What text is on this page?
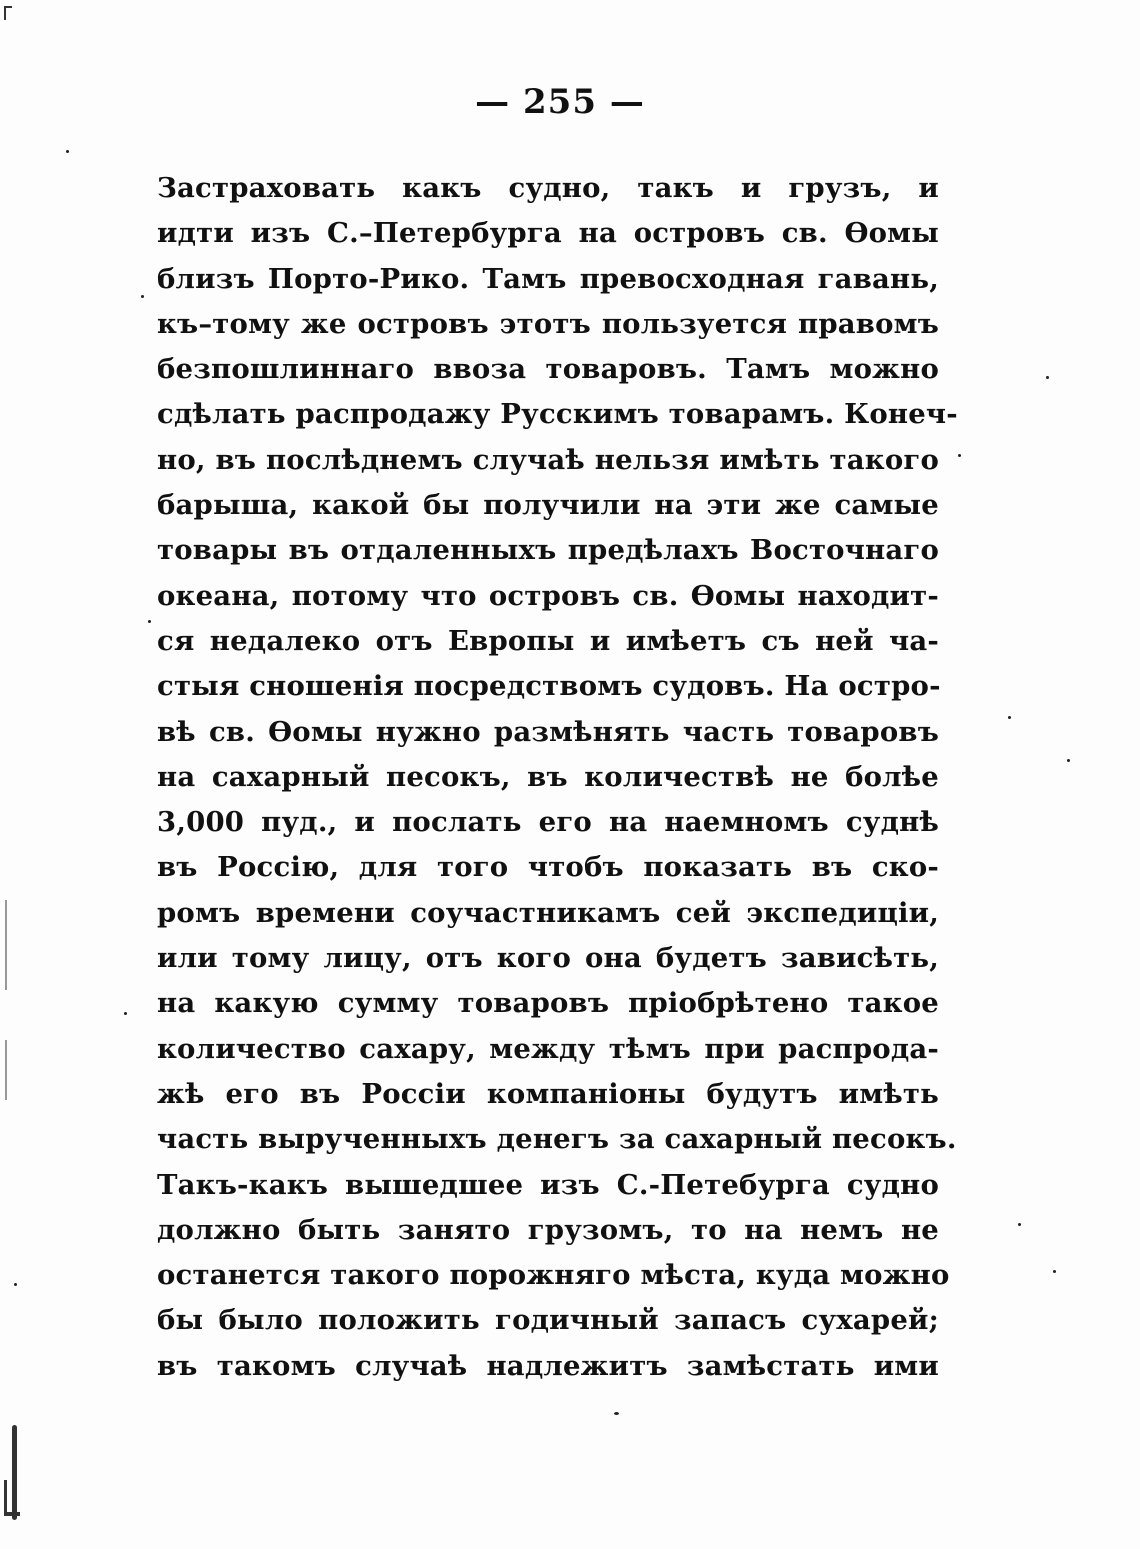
— 255 —
Застраховать какъ судно, такъ и грузъ, и
идти изъ С.–Петербурга на островъ св. Өомы
близъ Порто-Рико. Тамъ превосходная гавань,
къ–тому же островъ этотъ пользуется правомъ
безпошлиннаго ввоза товаровъ. Тамъ можно
сдѣлать распродажу Русскимъ товарамъ. Конеч-
но, въ послѣднемъ случаѣ нельзя имѣть такого
барыша, какой бы получили на эти же самые
товары въ отдаленныхъ предѣлахъ Восточнаго
океана, потому что островъ св. Өомы находит-
ся недалеко отъ Европы и имѣетъ съ ней ча-
стыя сношенія посредствомъ судовъ. На остро-
вѣ св. Өомы нужно размѣнять часть товаровъ
на сахарный песокъ, въ количествѣ не болѣе
3,000 пуд., и послать его на наемномъ суднѣ
въ Россію, для того чтобъ показать въ ско-
ромъ времени соучастникамъ сей экспедиціи,
или тому лицу, отъ кого она будетъ зависѣть,
на какую сумму товаровъ пріобрѣтено такое
количество сахару, между тѣмъ при распрода-
жѣ его въ Россіи компаніоны будутъ имѣть
часть вырученныхъ денегъ за сахарный песокъ.
Такъ-какъ вышедшее изъ С.-Петебурга судно
должно быть занято грузомъ, то на немъ не
останется такого порожняго мѣста, куда можно
бы было положить годичный запасъ сухарей;
въ такомъ случаѣ надлежитъ замѣстать ими
